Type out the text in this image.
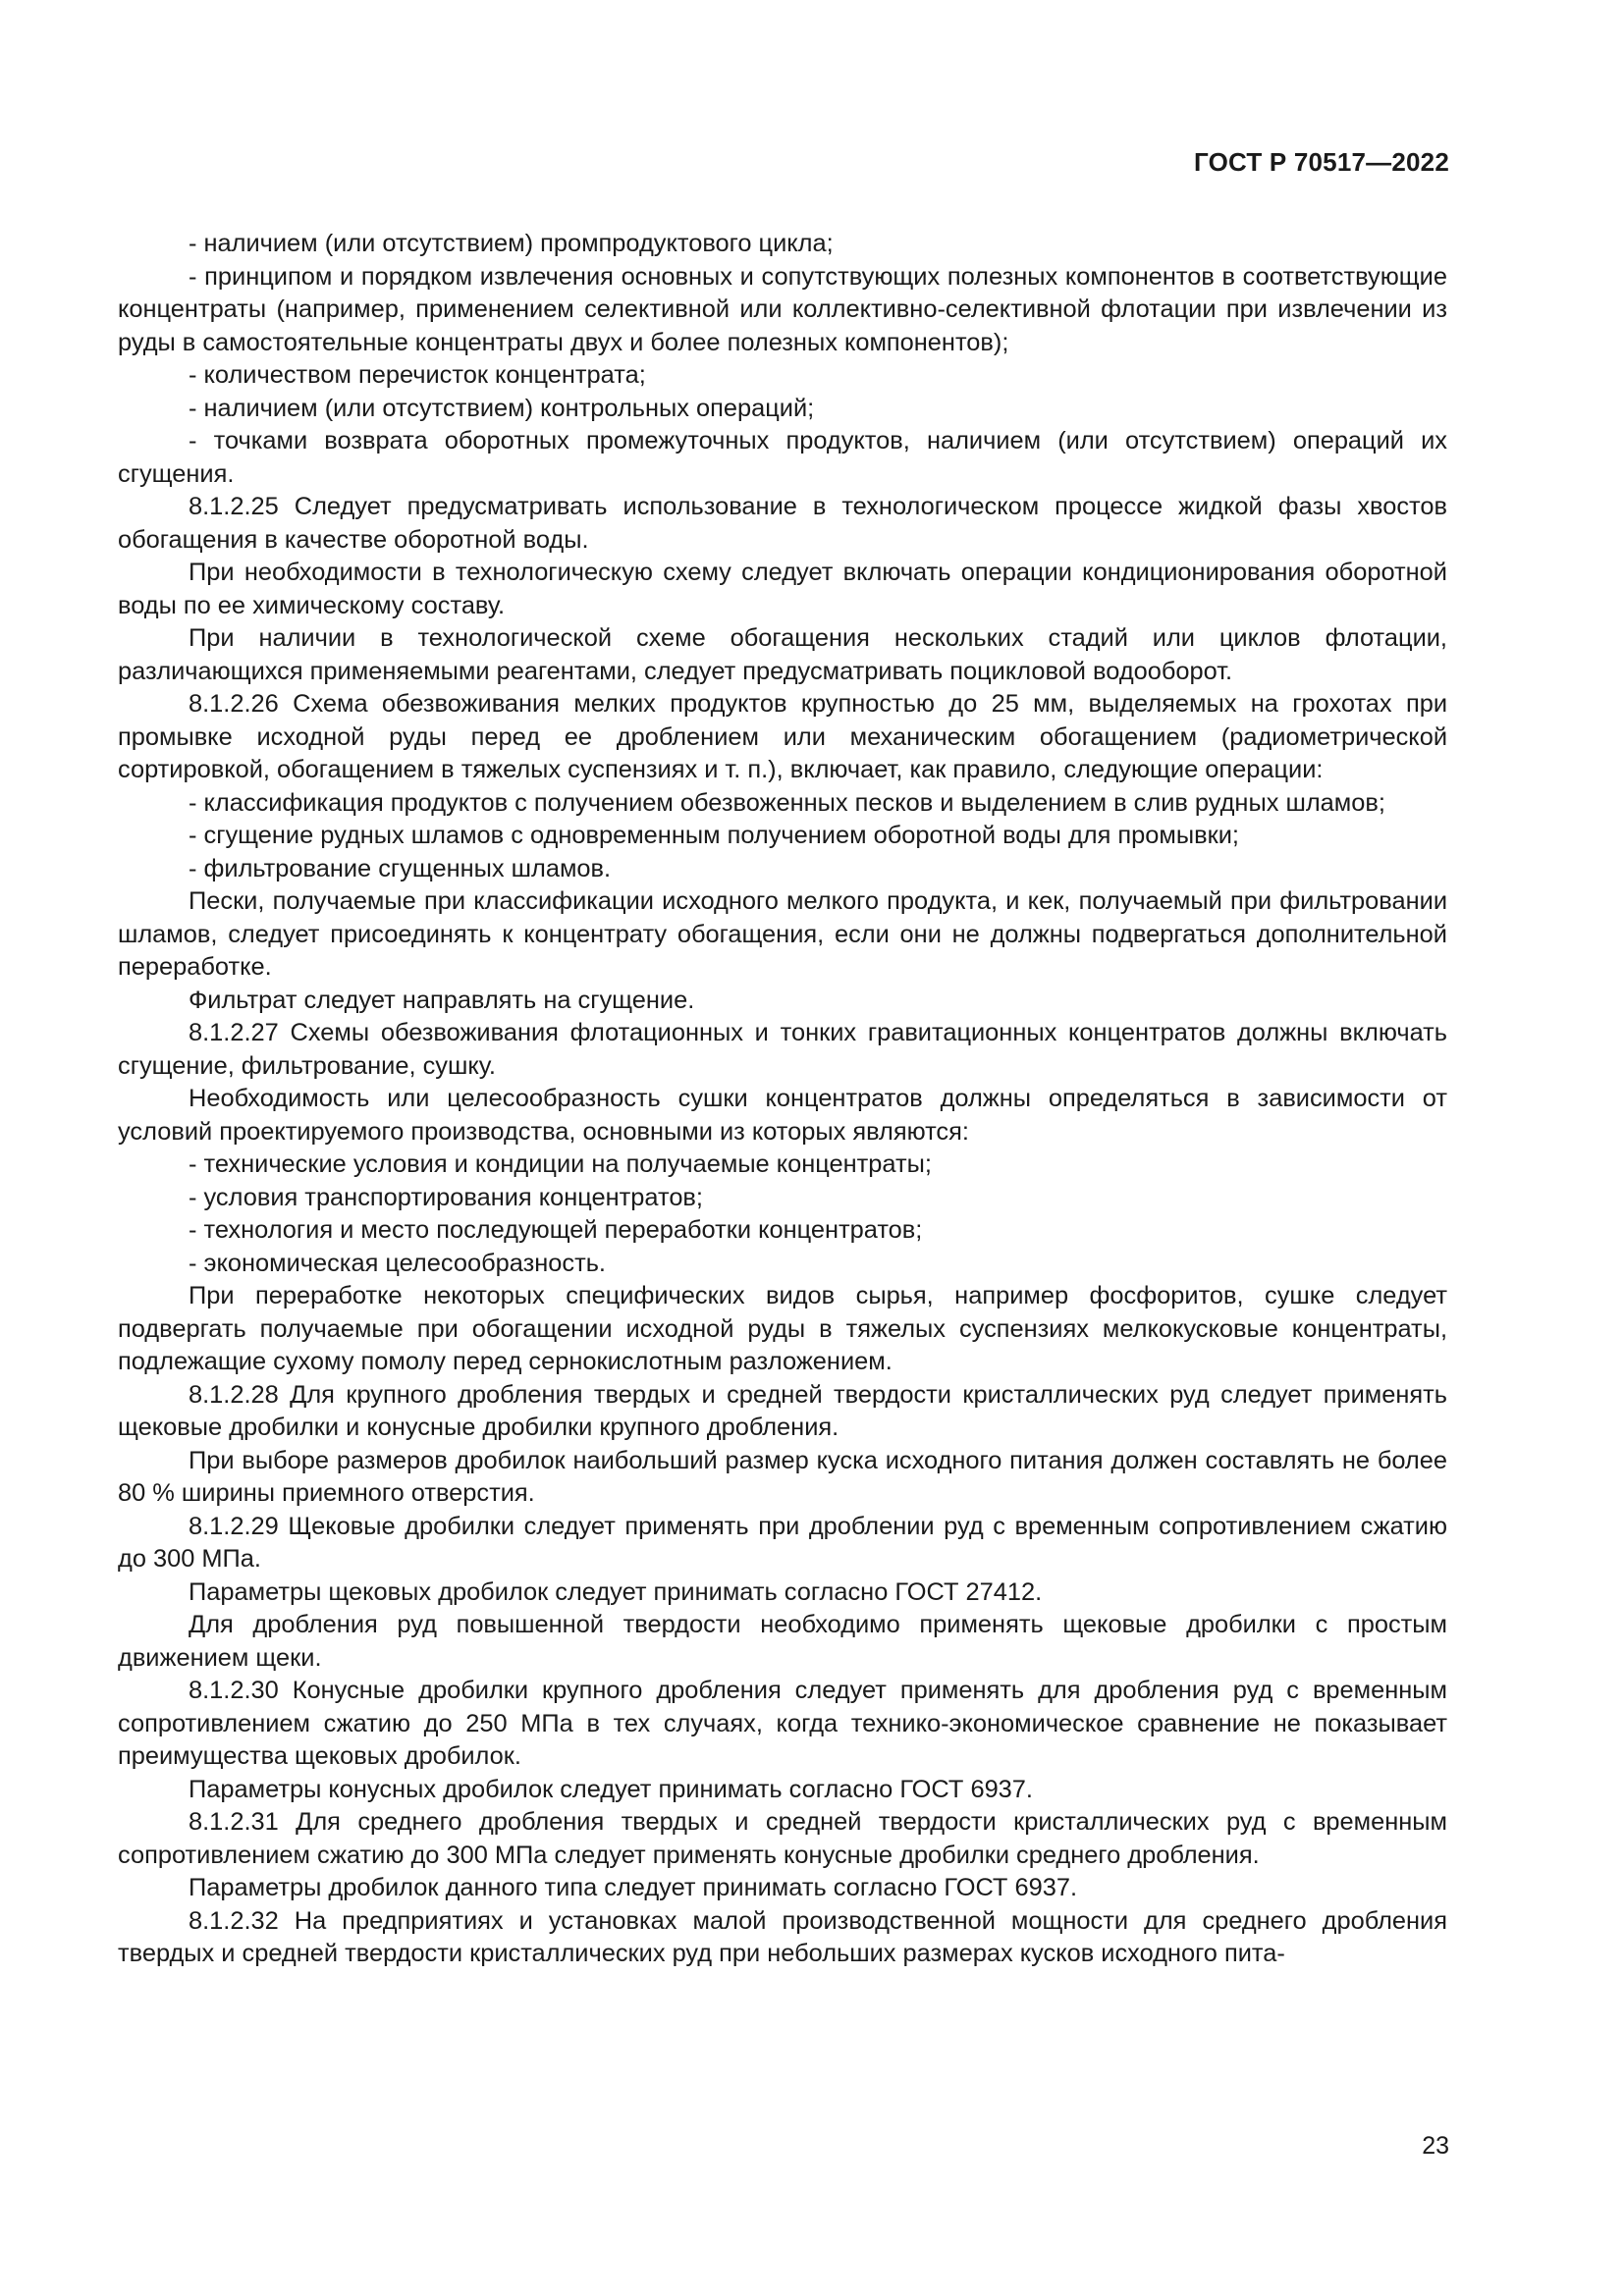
ГОСТ Р 70517—2022

- наличием (или отсутствием) промпродуктового цикла;

- принципом и порядком извлечения основных и сопутствующих полезных компонентов в соответствующие концентраты (например, применением селективной или коллективно-селективной флотации при извлечении из руды в самостоятельные концентраты двух и более полезных компонентов);

- количеством перечисток концентрата;

- наличием (или отсутствием) контрольных операций;

- точками возврата оборотных промежуточных продуктов, наличием (или отсутствием) операций их сгущения.

8.1.2.25 Следует предусматривать использование в технологическом процессе жидкой фазы хвостов обогащения в качестве оборотной воды.

При необходимости в технологическую схему следует включать операции кондиционирования оборотной воды по ее химическому составу.

При наличии в технологической схеме обогащения нескольких стадий или циклов флотации, различающихся применяемыми реагентами, следует предусматривать поцикловой водооборот.

8.1.2.26 Схема обезвоживания мелких продуктов крупностью до 25 мм, выделяемых на грохотах при промывке исходной руды перед ее дроблением или механическим обогащением (радиометрической сортировкой, обогащением в тяжелых суспензиях и т. п.), включает, как правило, следующие операции:

- классификация продуктов с получением обезвоженных песков и выделением в слив рудных шламов;

- сгущение рудных шламов с одновременным получением оборотной воды для промывки;

- фильтрование сгущенных шламов.

Пески, получаемые при классификации исходного мелкого продукта, и кек, получаемый при фильтровании шламов, следует присоединять к концентрату обогащения, если они не должны подвергаться дополнительной переработке.

Фильтрат следует направлять на сгущение.

8.1.2.27 Схемы обезвоживания флотационных и тонких гравитационных концентратов должны включать сгущение, фильтрование, сушку.

Необходимость или целесообразность сушки концентратов должны определяться в зависимости от условий проектируемого производства, основными из которых являются:

- технические условия и кондиции на получаемые концентраты;

- условия транспортирования концентратов;

- технология и место последующей переработки концентратов;

- экономическая целесообразность.

При переработке некоторых специфических видов сырья, например фосфоритов, сушке следует подвергать получаемые при обогащении исходной руды в тяжелых суспензиях мелкокусковые концентраты, подлежащие сухому помолу перед сернокислотным разложением.

8.1.2.28 Для крупного дробления твердых и средней твердости кристаллических руд следует применять щековые дробилки и конусные дробилки крупного дробления.

При выборе размеров дробилок наибольший размер куска исходного питания должен составлять не более 80 % ширины приемного отверстия.

8.1.2.29 Щековые дробилки следует применять при дроблении руд с временным сопротивлением сжатию до 300 МПа.

Параметры щековых дробилок следует принимать согласно ГОСТ 27412.

Для дробления руд повышенной твердости необходимо применять щековые дробилки с простым движением щеки.

8.1.2.30 Конусные дробилки крупного дробления следует применять для дробления руд с временным сопротивлением сжатию до 250 МПа в тех случаях, когда технико-экономическое сравнение не показывает преимущества щековых дробилок.

Параметры конусных дробилок следует принимать согласно ГОСТ 6937.

8.1.2.31 Для среднего дробления твердых и средней твердости кристаллических руд с временным сопротивлением сжатию до 300 МПа следует применять конусные дробилки среднего дробления.

Параметры дробилок данного типа следует принимать согласно ГОСТ 6937.

8.1.2.32 На предприятиях и установках малой производственной мощности для среднего дробления твердых и средней твердости кристаллических руд при небольших размерах кусков исходного пита-

23
